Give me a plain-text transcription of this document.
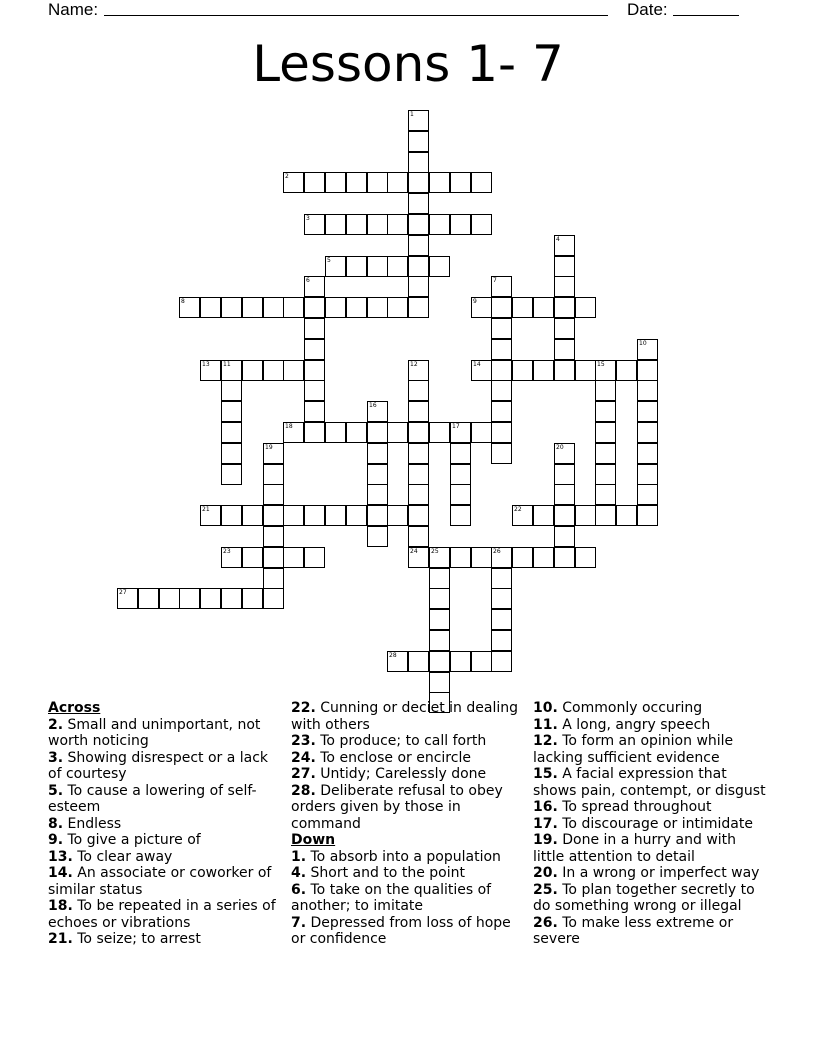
Name:	Date:
Lessons 1- 7
2
3
5
8	9
13 11	14	15
18	17
21	22
23	24 25	26
27
28
1
4
6	7
10
12
16
19	20
Across
2. Small and unimportant, not worth noticing
3. Showing disrespect or a lack of courtesy
5. To cause a lowering of self-esteem
8. Endless
9. To give a picture of
13. To clear away
14. An associate or coworker of similar status
18. To be repeated in a series of echoes or vibrations
21. To seize; to arrest
22. Cunning or deciet in dealing with others
23. To produce; to call forth
24. To enclose or encircle
27. Untidy; Carelessly done
28. Deliberate refusal to obey orders given by those in command
Down
1. To absorb into a population
4. Short and to the point
6. To take on the qualities of another; to imitate
7. Depressed from loss of hope or confidence
10. Commonly occuring
11. A long, angry speech
12. To form an opinion while lacking sufficient evidence
15. A facial expression that shows pain, contempt, or disgust
16. To spread throughout
17. To discourage or intimidate
19. Done in a hurry and with little attention to detail
20. In a wrong or imperfect way
25. To plan together secretly to do something wrong or illegal
26. To make less extreme or severe
